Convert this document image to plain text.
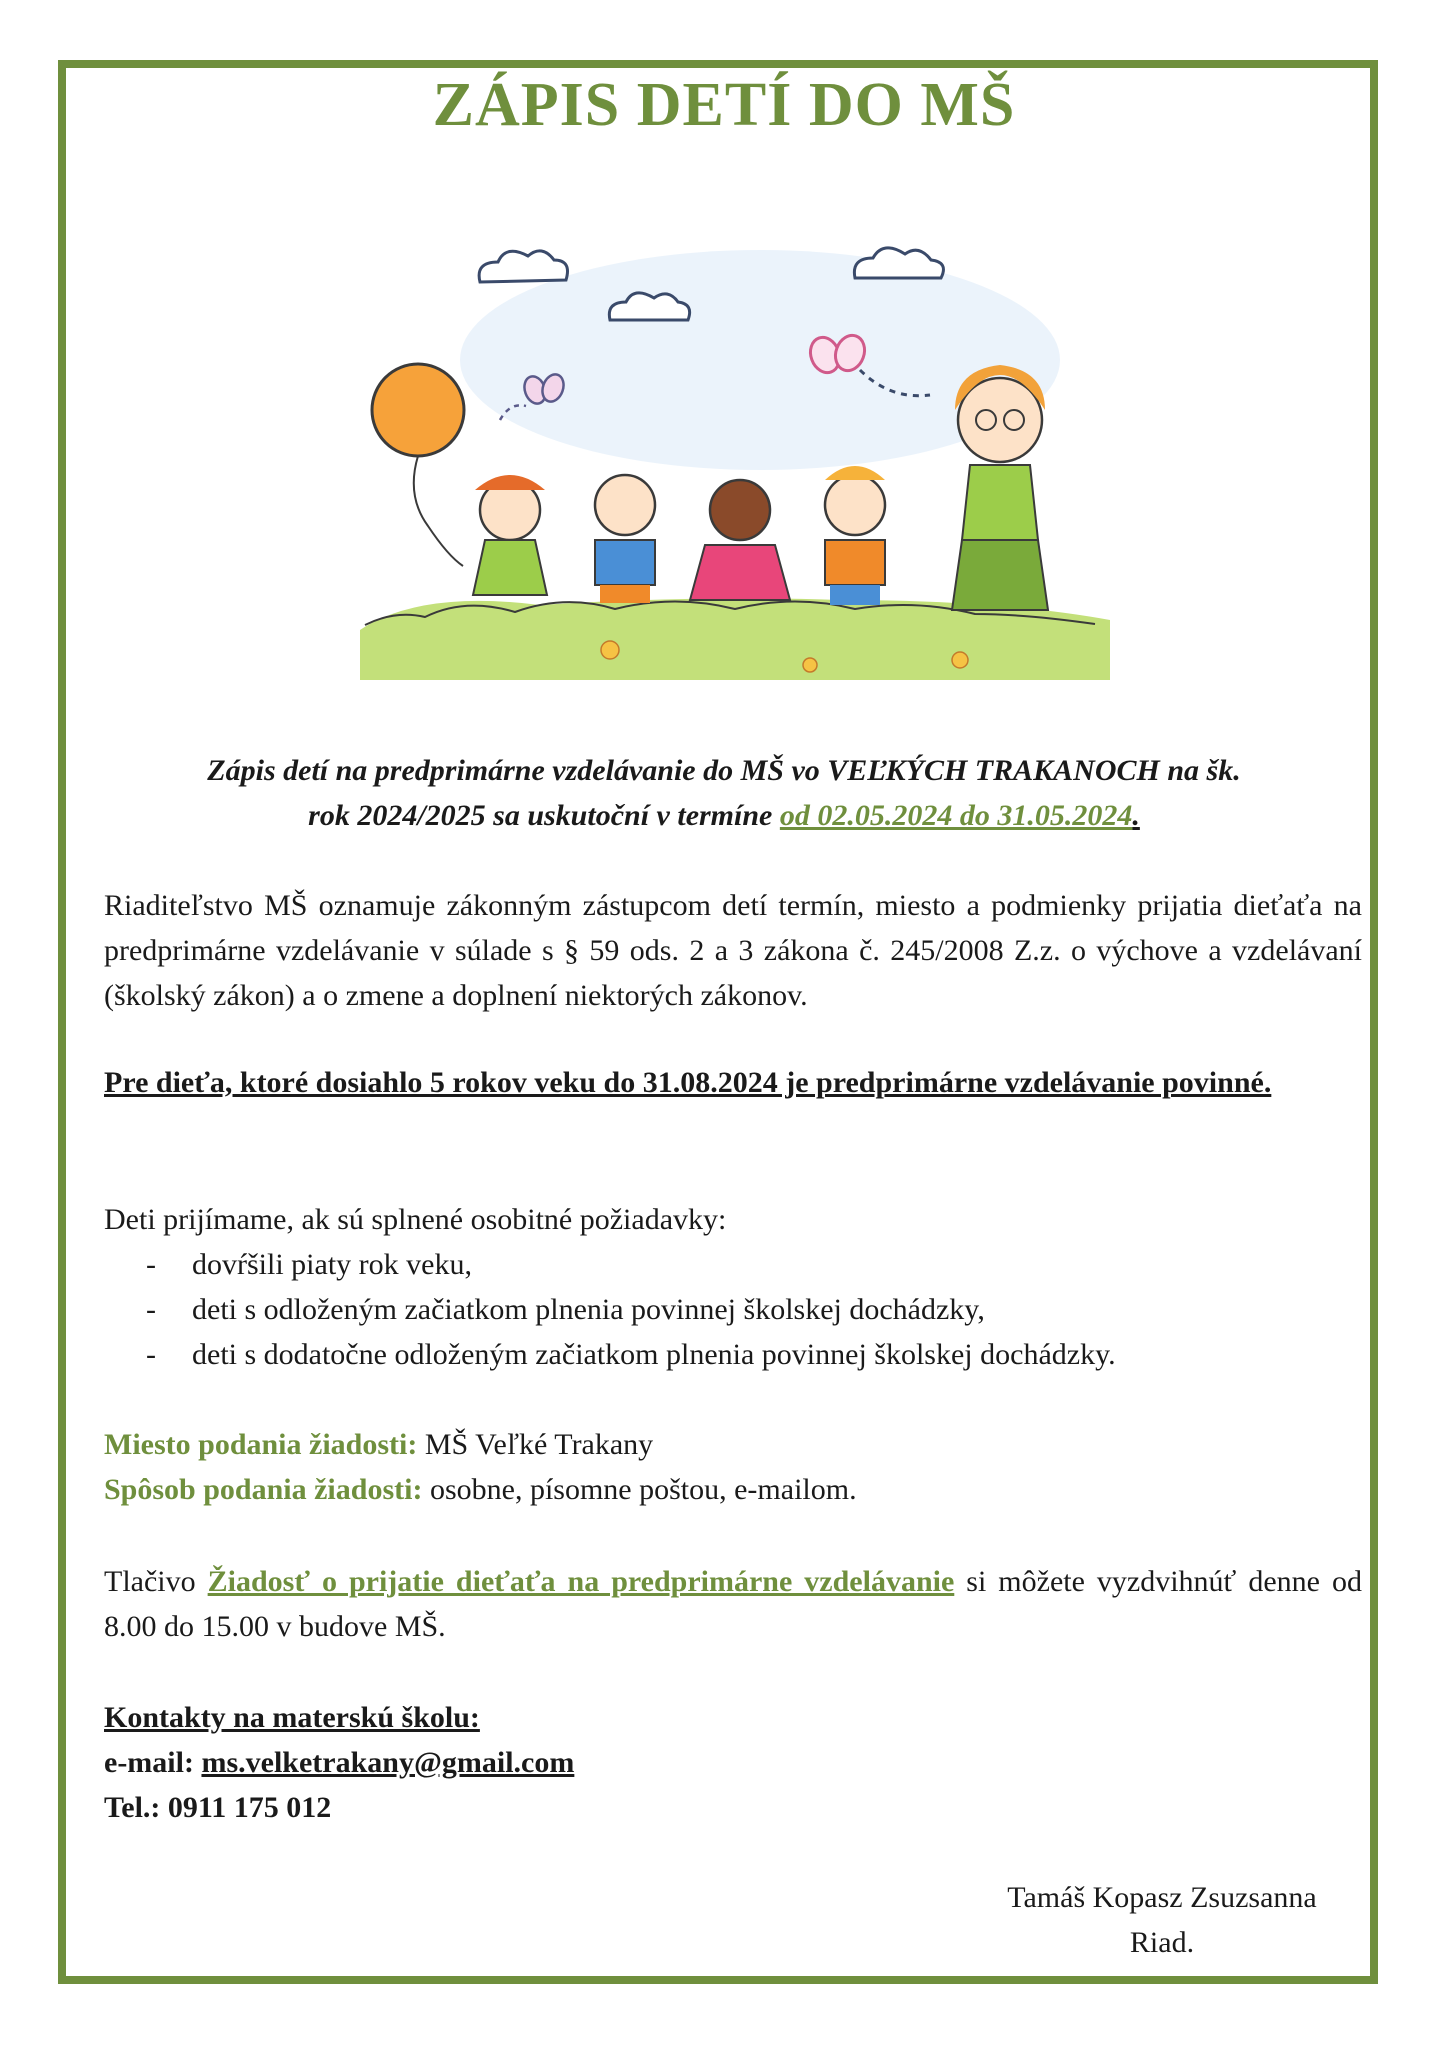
ZÁPIS DETÍ DO MŠ
Zápis detí na predprimárne vzdelávanie do MŠ vo VEĽKÝCH TRAKANOCH na šk.
rok 2024/2025 sa uskutoční v termíne od 02.05.2024 do 31.05.2024.
Riaditeľstvo MŠ oznamuje zákonným zástupcom detí termín, miesto a podmienky prijatia dieťaťa na predprimárne vzdelávanie v súlade s § 59 ods. 2 a 3 zákona č. 245/2008 Z.z. o výchove a vzdelávaní (školský zákon) a o zmene a doplnení niektorých zákonov.
Pre dieťa, ktoré dosiahlo 5 rokov veku do 31.08.2024 je predprimárne vzdelávanie povinné.
Deti prijímame, ak sú splnené osobitné požiadavky:
- dovŕšili piaty rok veku,
- deti s odloženým začiatkom plnenia povinnej školskej dochádzky,
- deti s dodatočne odloženým začiatkom plnenia povinnej školskej dochádzky.
Miesto podania žiadosti: MŠ Veľké Trakany
Spôsob podania žiadosti: osobne, písomne poštou, e-mailom.
Tlačivo Žiadosť o prijatie dieťaťa na predprimárne vzdelávanie si môžete vyzdvihnúť denne od 8.00 do 15.00 v budove MŠ.
Kontakty na materskú školu:
e-mail: ms.velketrakany@gmail.com
Tel.: 0911 175 012
Tamáš Kopasz Zsuzsanna
Riad.
